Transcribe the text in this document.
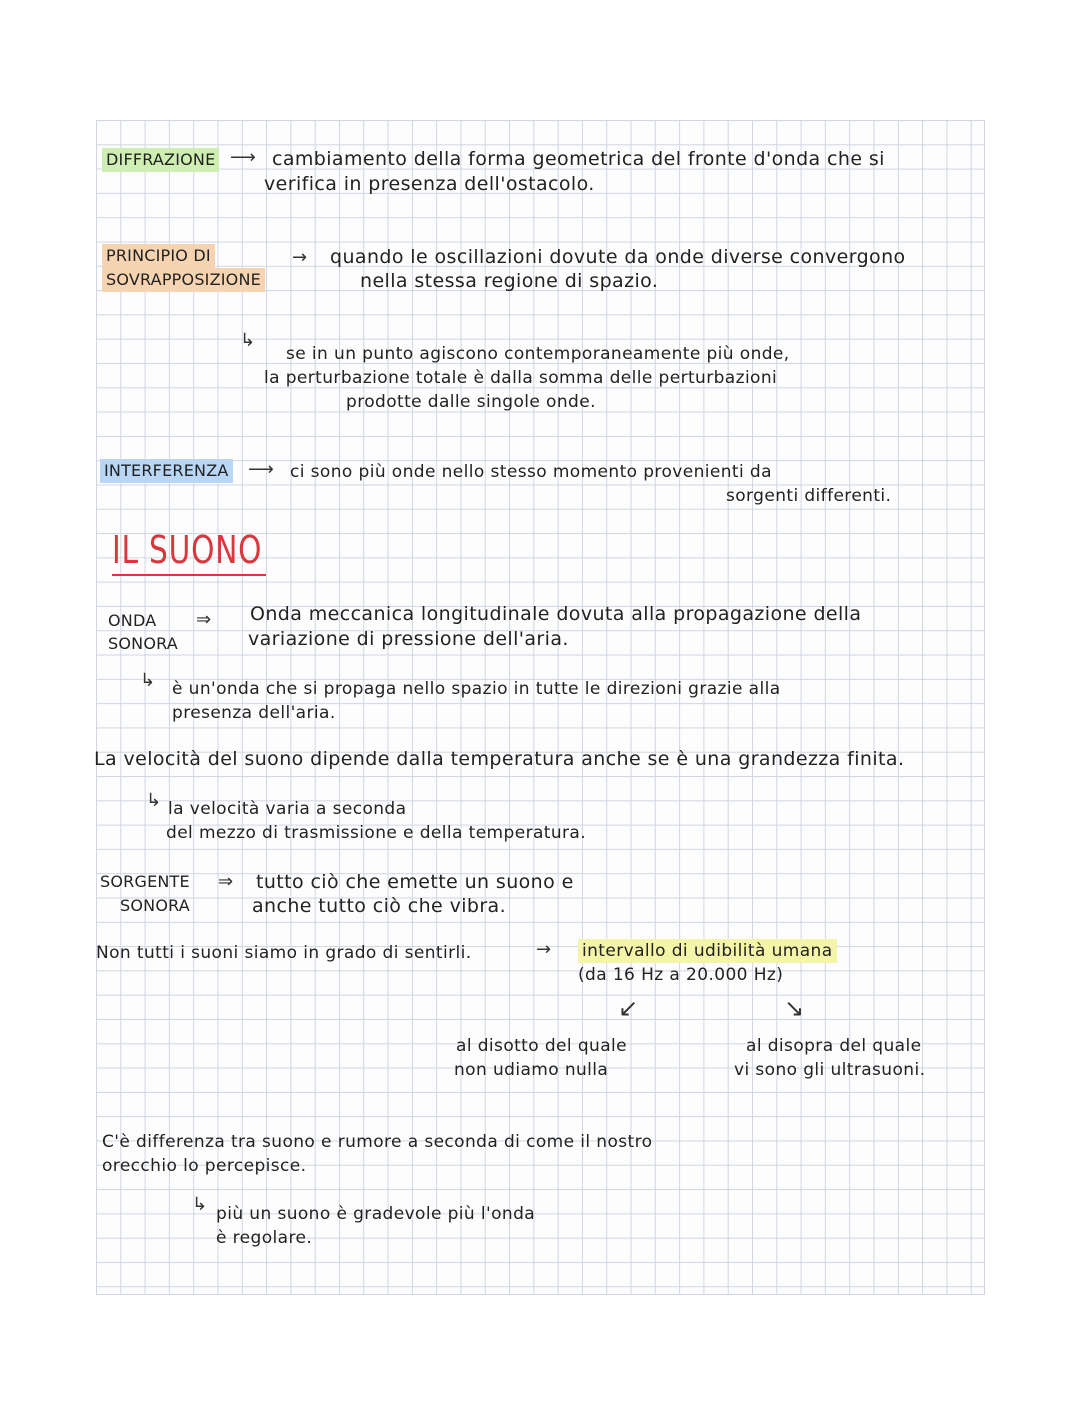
DIFFRAZIONE ⟶ cambiamento della forma geometrica del fronte d'onda che si
verifica in presenza dell'ostacolo.
PRINCIPIO DI
SOVRAPPOSIZIONE
→ quando le oscillazioni dovute da onde diverse convergono
nella stessa regione di spazio.
↳
se in un punto agiscono contemporaneamente più onde,
la perturbazione totale è dalla somma delle perturbazioni
prodotte dalle singole onde.
INTERFERENZA ⟶ ci sono più onde nello stesso momento provenienti da
sorgenti differenti.
IL SUONO
ONDA
SONORA
⇒ Onda meccanica longitudinale dovuta alla propagazione della
variazione di pressione dell'aria.
↳ è un'onda che si propaga nello spazio in tutte le direzioni grazie alla
presenza dell'aria.
La velocità del suono dipende dalla temperatura anche se è una grandezza finita.
↳ la velocità varia a seconda
del mezzo di trasmissione e della temperatura.
SORGENTE
SONORA
⇒ tutto ciò che emette un suono e
anche tutto ciò che vibra.
Non tutti i suoni siamo in grado di sentirli.	→ intervallo di udibilità umana
(da 16 Hz a 20.000 Hz)
↙	↘
al disotto del quale
non udiamo nulla
al disopra del quale
vi sono gli ultrasuoni.
C'è differenza tra suono e rumore a seconda di come il nostro
orecchio lo percepisce.
↳ più un suono è gradevole più l'onda
è regolare.
